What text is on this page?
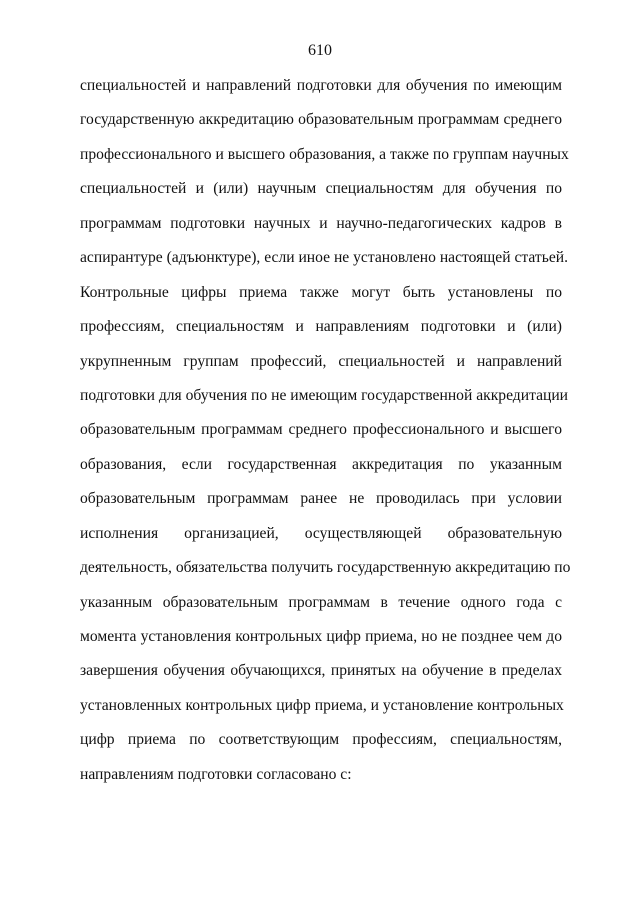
610
специальностей и направлений подготовки для обучения по имеющим
государственную аккредитацию образовательным программам среднего
профессионального и высшего образования, а также по группам научных
специальностей и (или) научным специальностям для обучения по
программам подготовки научных и научно-педагогических кадров в
аспирантуре (адъюнктуре), если иное не установлено настоящей статьей.
Контрольные цифры приема также могут быть установлены по
профессиям, специальностям и направлениям подготовки и (или)
укрупненным группам профессий, специальностей и направлений
подготовки для обучения по не имеющим государственной аккредитации
образовательным программам среднего профессионального и высшего
образования, если государственная аккредитация по указанным
образовательным программам ранее не проводилась при условии
исполнения организацией, осуществляющей образовательную
деятельность, обязательства получить государственную аккредитацию по
указанным образовательным программам в течение одного года с
момента установления контрольных цифр приема, но не позднее чем до
завершения обучения обучающихся, принятых на обучение в пределах
установленных контрольных цифр приема, и установление контрольных
цифр приема по соответствующим профессиям, специальностям,
направлениям подготовки согласовано с:
